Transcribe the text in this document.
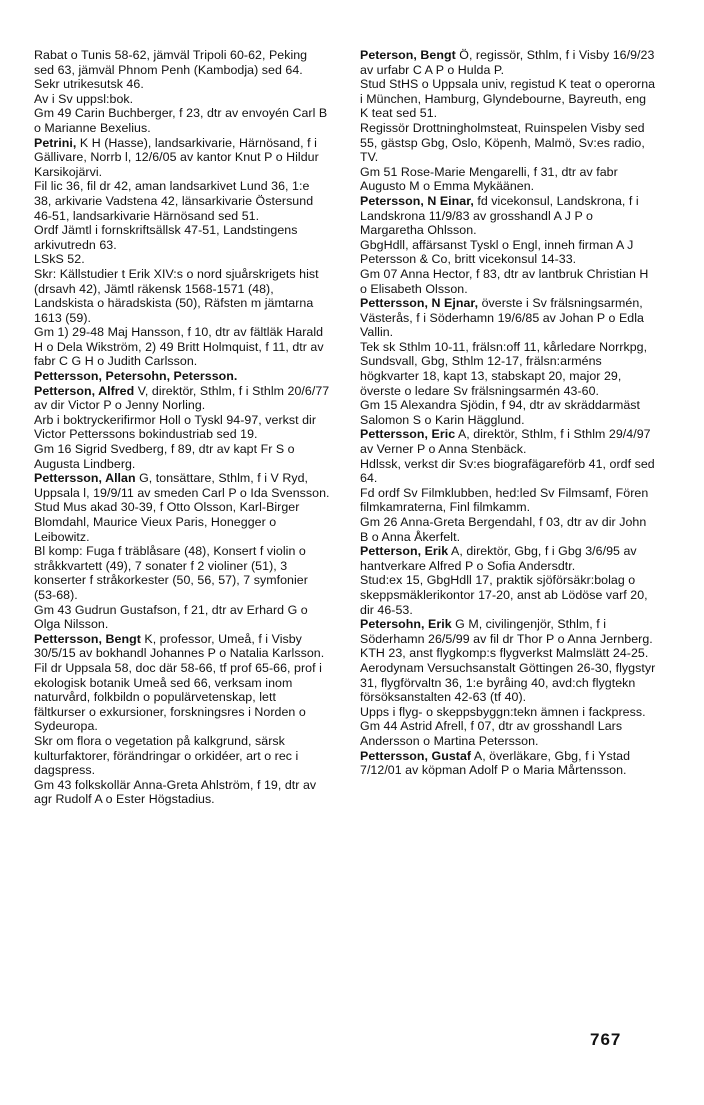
Rabat o Tunis 58-62, jämväl Tripoli 60-62, Peking sed 63, jämväl Phnom Penh (Kambodja) sed 64.

Sekr utrikesutsk 46.

Av i Sv uppsl:bok.

Gm 49 Carin Buchberger, f 23, dtr av envoyén Carl B o Marianne Bexelius.

Petrini, K H (Hasse), landsarkivarie, Härnösand, f i Gällivare, Norrb l, 12/6/05 av kantor Knut P o Hildur Karsikojärvi.

Fil lic 36, fil dr 42, aman landsarkivet Lund 36, 1:e 38, arkivarie Vadstena 42, länsarkivarie Östersund 46-51, landsarkivarie Härnösand sed 51.

Ordf Jämtl i fornskriftsällsk 47-51, Landstingens arkivutredn 63.

LSkS 52.

Skr: Källstudier t Erik XIV:s o nord sjuårskrigets hist (drsavh 42), Jämtl räkensk 1568-1571 (48), Landskista o häradskista (50), Räfsten m jämtarna 1613 (59).

Gm 1) 29-48 Maj Hansson, f 10, dtr av fältläk Harald H o Dela Wikström, 2) 49 Britt Holmquist, f 11, dtr av fabr C G H o Judith Carlsson.

Pettersson, Petersohn, Petersson.

Petterson, Alfred V, direktör, Sthlm, f i Sthlm 20/6/77 av dir Victor P o Jenny Norling.

Arb i boktryckerifirmor Holl o Tyskl 94-97, verkst dir Victor Petterssons bokindustriab sed 19.

Gm 16 Sigrid Svedberg, f 89, dtr av kapt Fr S o Augusta Lindberg.

Pettersson, Allan G, tonsättare, Sthlm, f i V Ryd, Uppsala l, 19/9/11 av smeden Carl P o Ida Svensson.

Stud Mus akad 30-39, f Otto Olsson, Karl-Birger Blomdahl, Maurice Vieux Paris, Honegger o Leibowitz.

Bl komp: Fuga f träblåsare (48), Konsert f violin o stråkkvartett (49), 7 sonater f 2 violiner (51), 3 konserter f stråkorkester (50, 56, 57), 7 symfonier (53-68).

Gm 43 Gudrun Gustafson, f 21, dtr av Erhard G o Olga Nilsson.

Pettersson, Bengt K, professor, Umeå, f i Visby 30/5/15 av bokhandl Johannes P o Natalia Karlsson.

Fil dr Uppsala 58, doc där 58-66, tf prof 65-66, prof i ekologisk botanik Umeå sed 66, verksam inom naturvård, folkbildn o populärvetenskap, lett fältkurser o exkursioner, forskningsres i Norden o Sydeuropa.

Skr om flora o vegetation på kalkgrund, särsk kulturfaktorer, förändringar o orkidéer, art o rec i dagspress.

Gm 43 folkskollär Anna-Greta Ahlström, f 19, dtr av agr Rudolf A o Ester Högstadius.

Peterson, Bengt Ö, regissör, Sthlm, f i Visby 16/9/23 av urfabr C A P o Hulda P.

Stud StHS o Uppsala univ, registud K teat o operorna i München, Hamburg, Glyndebourne, Bayreuth, eng K teat sed 51.

Regissör Drottningholmsteat, Ruinspelen Visby sed 55, gästsp Gbg, Oslo, Köpenh, Malmö, Sv:es radio, TV.

Gm 51 Rose-Marie Mengarelli, f 31, dtr av fabr Augusto M o Emma Mykäänen.

Petersson, N Einar, fd vicekonsul, Landskrona, f i Landskrona 11/9/83 av grosshandl A J P o Margaretha Ohlsson.

GbgHdll, affärsanst Tyskl o Engl, inneh firman A J Petersson & Co, britt vicekonsul 14-33.

Gm 07 Anna Hector, f 83, dtr av lantbruk Christian H o Elisabeth Olsson.

Pettersson, N Ejnar, överste i Sv frälsningsarmén, Västerås, f i Söderhamn 19/6/85 av Johan P o Edla Vallin.

Tek sk Sthlm 10-11, frälsn:off 11, kårledare Norrkpg, Sundsvall, Gbg, Sthlm 12-17, frälsn:arméns högkvarter 18, kapt 13, stabskapt 20, major 29, överste o ledare Sv frälsningsarmén 43-60.

Gm 15 Alexandra Sjödin, f 94, dtr av skräddarmäst Salomon S o Karin Hägglund.

Pettersson, Eric A, direktör, Sthlm, f i Sthlm 29/4/97 av Verner P o Anna Stenbäck.

Hdlssk, verkst dir Sv:es biografägareförb 41, ordf sed 64.

Fd ordf Sv Filmklubben, hed:led Sv Filmsamf, Fören filmkamraterna, Finl filmkamm.

Gm 26 Anna-Greta Bergendahl, f 03, dtr av dir John B o Anna Åkerfelt.

Petterson, Erik A, direktör, Gbg, f i Gbg 3/6/95 av hantverkare Alfred P o Sofia Andersdtr.

Stud:ex 15, GbgHdll 17, praktik sjöförsäkr:bolag o skeppsmäklerikontor 17-20, anst ab Lödöse varf 20, dir 46-53.

Petersohn, Erik G M, civilingenjör, Sthlm, f i Söderhamn 26/5/99 av fil dr Thor P o Anna Jernberg.

KTH 23, anst flygkomp:s flygverkst Malmslätt 24-25. Aerodynam Versuchsanstalt Göttingen 26-30, flygstyr 31, flygförvaltn 36, 1:e byråing 40, avd:ch flygtekn försöksanstalten 42-63 (tf 40).

Upps i flyg- o skeppsbyggn:tekn ämnen i fackpress.

Gm 44 Astrid Afrell, f 07, dtr av grosshandl Lars Andersson o Martina Petersson.

Pettersson, Gustaf A, överläkare, Gbg, f i Ystad 7/12/01 av köpman Adolf P o Maria Mårtensson.

767
